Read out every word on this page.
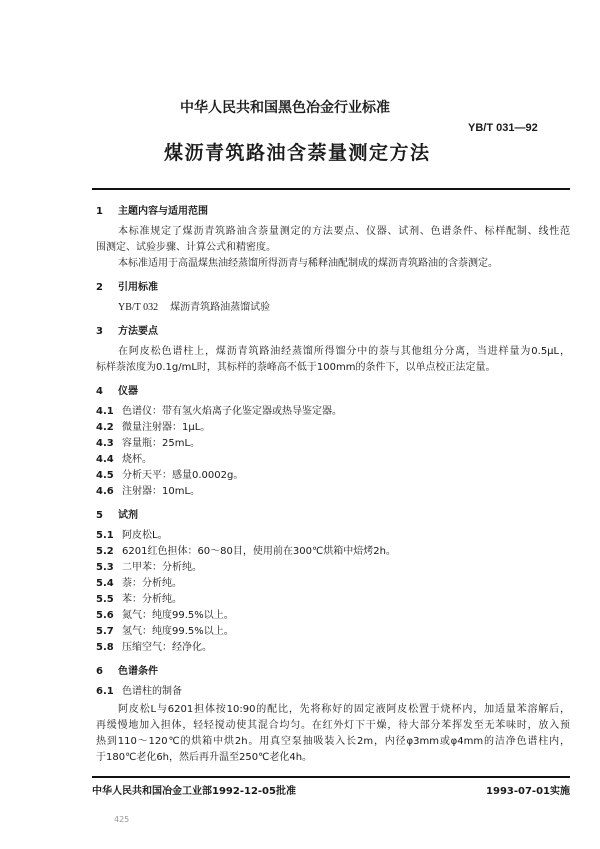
中华人民共和国黑色冶金行业标准
YB/T 031—92
煤沥青筑路油含萘量测定方法
1 主题内容与适用范围
本标准规定了煤沥青筑路油含萘量测定的方法要点、仪器、试剂、色谱条件、标样配制、线性范
围测定、试验步骤、计算公式和精密度。
本标准适用于高温煤焦油经蒸馏所得沥青与稀释油配制成的煤沥青筑路油的含萘测定。
2 引用标准
YB/T 032 煤沥青筑路油蒸馏试验
3 方法要点
在阿皮松色谱柱上，煤沥青筑路油经蒸馏所得馏分中的萘与其他组分分离，当进样量为0.5μL，
标样萘浓度为0.1g/mL时，其标样的萘峰高不低于100mm的条件下，以单点校正法定量。
4 仪器
4.1 色谱仪：带有氢火焰离子化鉴定器或热导鉴定器。
4.2 微量注射器：1μL。
4.3 容量瓶：25mL。
4.4 烧杯。
4.5 分析天平：感量0.0002g。
4.6 注射器：10mL。
5 试剂
5.1 阿皮松L。
5.2 6201红色担体：60～80目，使用前在300℃烘箱中焙烤2h。
5.3 二甲苯：分析纯。
5.4 萘：分析纯。
5.5 苯：分析纯。
5.6 氮气：纯度99.5%以上。
5.7 氢气：纯度99.5%以上。
5.8 压缩空气：经净化。
6 色谱条件
6.1 色谱柱的制备
阿皮松L与6201担体按10:90的配比，先将称好的固定液阿皮松置于烧杯内，加适量苯溶解后，
再缓慢地加入担体，轻轻搅动使其混合均匀。在红外灯下干燥，待大部分苯挥发至无苯味时，放入预
热到110～120℃的烘箱中烘2h。用真空泵抽吸装入长2m，内径φ3mm或φ4mm的洁净色谱柱内，
于180℃老化6h，然后再升温至250℃老化4h。
中华人民共和国冶金工业部1992-12-05批准	1993-07-01实施
425
